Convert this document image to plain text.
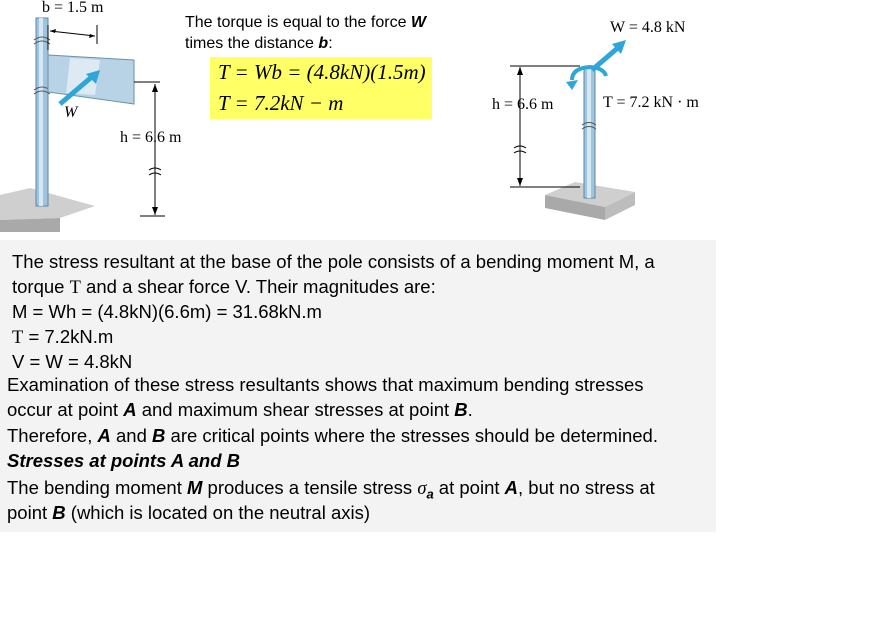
b = 1.5 m
W
h = 6.6 m
The torque is equal to the force W
times the distance b:
T = Wb = (4.8kN)(1.5m)
T = 7.2kN − m
W = 4.8 kN
h = 6.6 m	T = 7.2 kN · m
The stress resultant at the base of the pole consists of a bending moment M, a
torque T and a shear force V. Their magnitudes are:
M = Wh = (4.8kN)(6.6m) = 31.68kN.m
T = 7.2kN.m
V = W = 4.8kN
Examination of these stress resultants shows that maximum bending stresses
occur at point A and maximum shear stresses at point B.
Therefore, A and B are critical points where the stresses should be determined.
Stresses at points A and B
The bending moment M produces a tensile stress $\sigma_a$ at point A, but no stress at
point B (which is located on the neutral axis)
